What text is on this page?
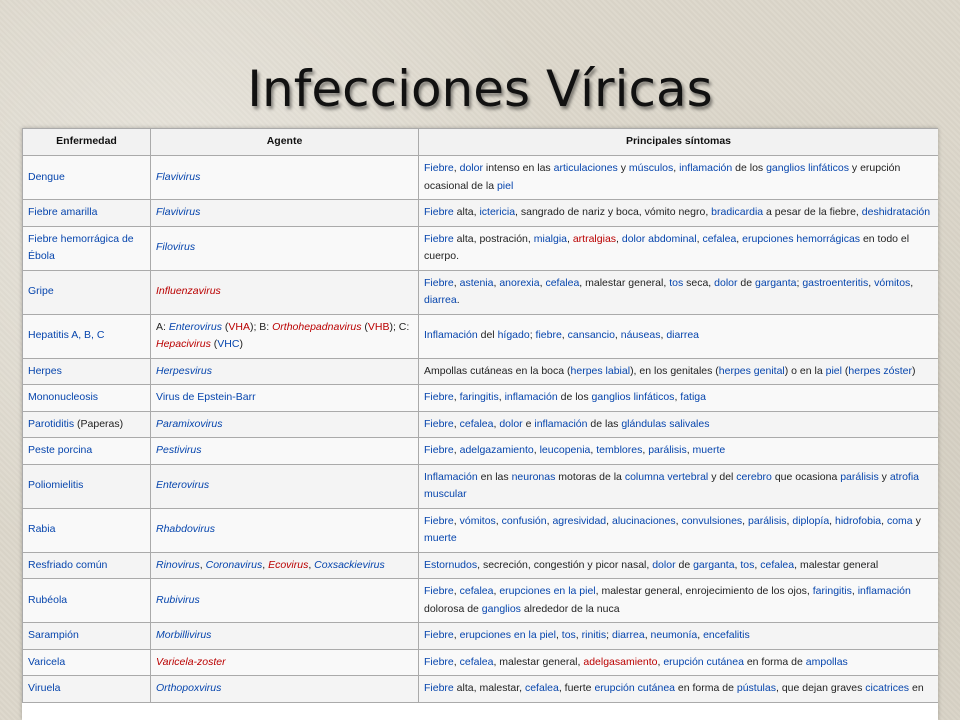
Infecciones Víricas
Enfermedad	Agente	Principales síntomas
Dengue	Flavivirus	Fiebre, dolor intenso en las articulaciones y músculos, inflamación de los ganglios linfáticos y erupción ocasional de la piel
Fiebre amarilla	Flavivirus	Fiebre alta, ictericia, sangrado de nariz y boca, vómito negro, bradicardia a pesar de la fiebre, deshidratación
Fiebre hemorrágica de Ébola	Filovirus	Fiebre alta, postración, mialgia, artralgias, dolor abdominal, cefalea, erupciones hemorrágicas en todo el cuerpo.
Gripe	Influenzavirus	Fiebre, astenia, anorexia, cefalea, malestar general, tos seca, dolor de garganta; gastroenteritis, vómitos, diarrea.
Hepatitis A, B, C	A: Enterovirus (VHA); B: Orthohepadnavirus (VHB); C: Hepacivirus (VHC)	Inflamación del hígado; fiebre, cansancio, náuseas, diarrea
Herpes	Herpesvirus	Ampollas cutáneas en la boca (herpes labial), en los genitales (herpes genital) o en la piel (herpes zóster)
Mononucleosis	Virus de Epstein-Barr	Fiebre, faringitis, inflamación de los ganglios linfáticos, fatiga
Parotiditis (Paperas)	Paramixovirus	Fiebre, cefalea, dolor e inflamación de las glándulas salivales
Peste porcina	Pestivirus	Fiebre, adelgazamiento, leucopenia, temblores, parálisis, muerte
Poliomielitis	Enterovirus	Inflamación en las neuronas motoras de la columna vertebral y del cerebro que ocasiona parálisis y atrofia muscular
Rabia	Rhabdovirus	Fiebre, vómitos, confusión, agresividad, alucinaciones, convulsiones, parálisis, diplopía, hidrofobia, coma y muerte
Resfriado común	Rinovirus, Coronavirus, Ecovirus, Coxsackievirus	Estornudos, secreción, congestión y picor nasal, dolor de garganta, tos, cefalea, malestar general
Rubéola	Rubivirus	Fiebre, cefalea, erupciones en la piel, malestar general, enrojecimiento de los ojos, faringitis, inflamación dolorosa de ganglios alrededor de la nuca
Sarampión	Morbillivirus	Fiebre, erupciones en la piel, tos, rinitis; diarrea, neumonía, encefalitis
Varicela	Varicela-zoster	Fiebre, cefalea, malestar general, adelgasamiento, erupción cutánea en forma de ampollas
Viruela	Orthopoxvirus	Fiebre alta, malestar, cefalea, fuerte erupción cutánea en forma de pústulas, que dejan graves cicatrices en
